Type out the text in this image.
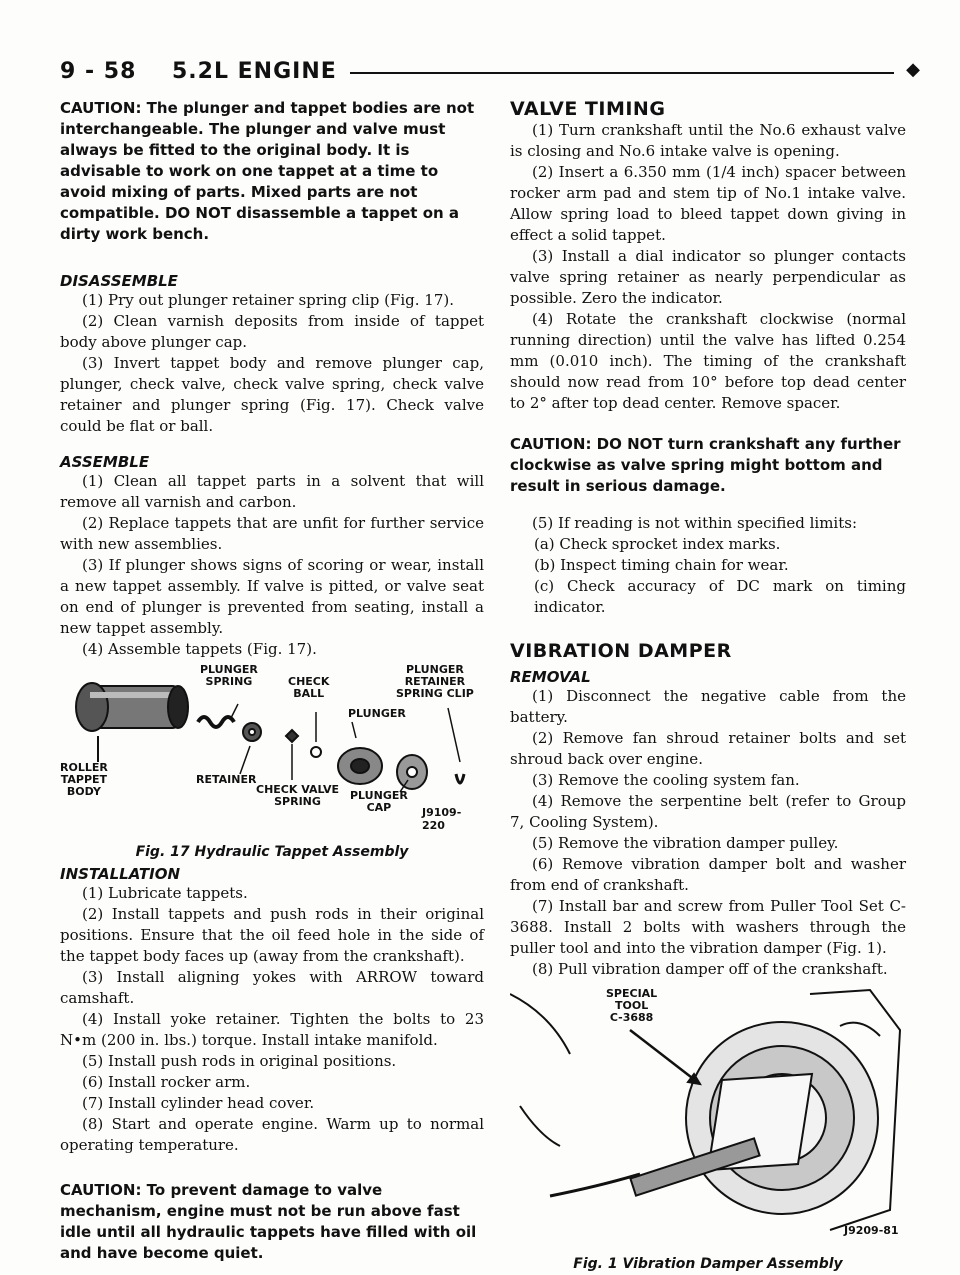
9 - 58 5.2L ENGINE	◆

CAUTION: The plunger and tappet bodies are not interchangeable. The plunger and valve must always be fitted to the original body. It is advisable to work on one tappet at a time to avoid mixing of parts. Mixed parts are not compatible. DO NOT disassemble a tappet on a dirty work bench.

DISASSEMBLE

(1) Pry out plunger retainer spring clip (Fig. 17).

(2) Clean varnish deposits from inside of tappet body above plunger cap.

(3) Invert tappet body and remove plunger cap, plunger, check valve, check valve spring, check valve retainer and plunger spring (Fig. 17). Check valve could be flat or ball.

ASSEMBLE

(1) Clean all tappet parts in a solvent that will remove all varnish and carbon.

(2) Replace tappets that are unfit for further service with new assemblies.

(3) If plunger shows signs of scoring or wear, install a new tappet assembly. If valve is pitted, or valve seat on end of plunger is prevented from seating, install a new tappet assembly.

(4) Assemble tappets (Fig. 17).

PLUNGER
SPRING	CHECK
BALL
PLUNGER
RETAINER
SPRING CLIP
PLUNGER
ROLLER
TAPPET
BODY
RETAINER
CHECK VALVE
SPRING	PLUNGER
CAP	J9109-220

Fig. 17 Hydraulic Tappet Assembly

INSTALLATION

(1) Lubricate tappets.

(2) Install tappets and push rods in their original positions. Ensure that the oil feed hole in the side of the tappet body faces up (away from the crankshaft).

(3) Install aligning yokes with ARROW toward camshaft.

(4) Install yoke retainer. Tighten the bolts to 23 N•m (200 in. lbs.) torque. Install intake manifold.

(5) Install push rods in original positions.

(6) Install rocker arm.

(7) Install cylinder head cover.

(8) Start and operate engine. Warm up to normal operating temperature.

CAUTION: To prevent damage to valve mechanism, engine must not be run above fast idle until all hydraulic tappets have filled with oil and have become quiet.

VALVE TIMING

(1) Turn crankshaft until the No.6 exhaust valve is closing and No.6 intake valve is opening.

(2) Insert a 6.350 mm (1/4 inch) spacer between rocker arm pad and stem tip of No.1 intake valve. Allow spring load to bleed tappet down giving in effect a solid tappet.

(3) Install a dial indicator so plunger contacts valve spring retainer as nearly perpendicular as possible. Zero the indicator.

(4) Rotate the crankshaft clockwise (normal running direction) until the valve has lifted 0.254 mm (0.010 inch). The timing of the crankshaft should now read from 10° before top dead center to 2° after top dead center. Remove spacer.

CAUTION: DO NOT turn crankshaft any further clockwise as valve spring might bottom and result in serious damage.

(5) If reading is not within specified limits:

(a) Check sprocket index marks.

(b) Inspect timing chain for wear.

(c) Check accuracy of DC mark on timing indicator.

VIBRATION DAMPER
REMOVAL

(1) Disconnect the negative cable from the battery.

(2) Remove fan shroud retainer bolts and set shroud back over engine.

(3) Remove the cooling system fan.

(4) Remove the serpentine belt (refer to Group 7, Cooling System).

(5) Remove the vibration damper pulley.

(6) Remove vibration damper bolt and washer from end of crankshaft.

(7) Install bar and screw from Puller Tool Set C-3688. Install 2 bolts with washers through the puller tool and into the vibration damper (Fig. 1).

(8) Pull vibration damper off of the crankshaft.

SPECIAL
TOOL
C-3688
J9209-81

Fig. 1 Vibration Damper Assembly
